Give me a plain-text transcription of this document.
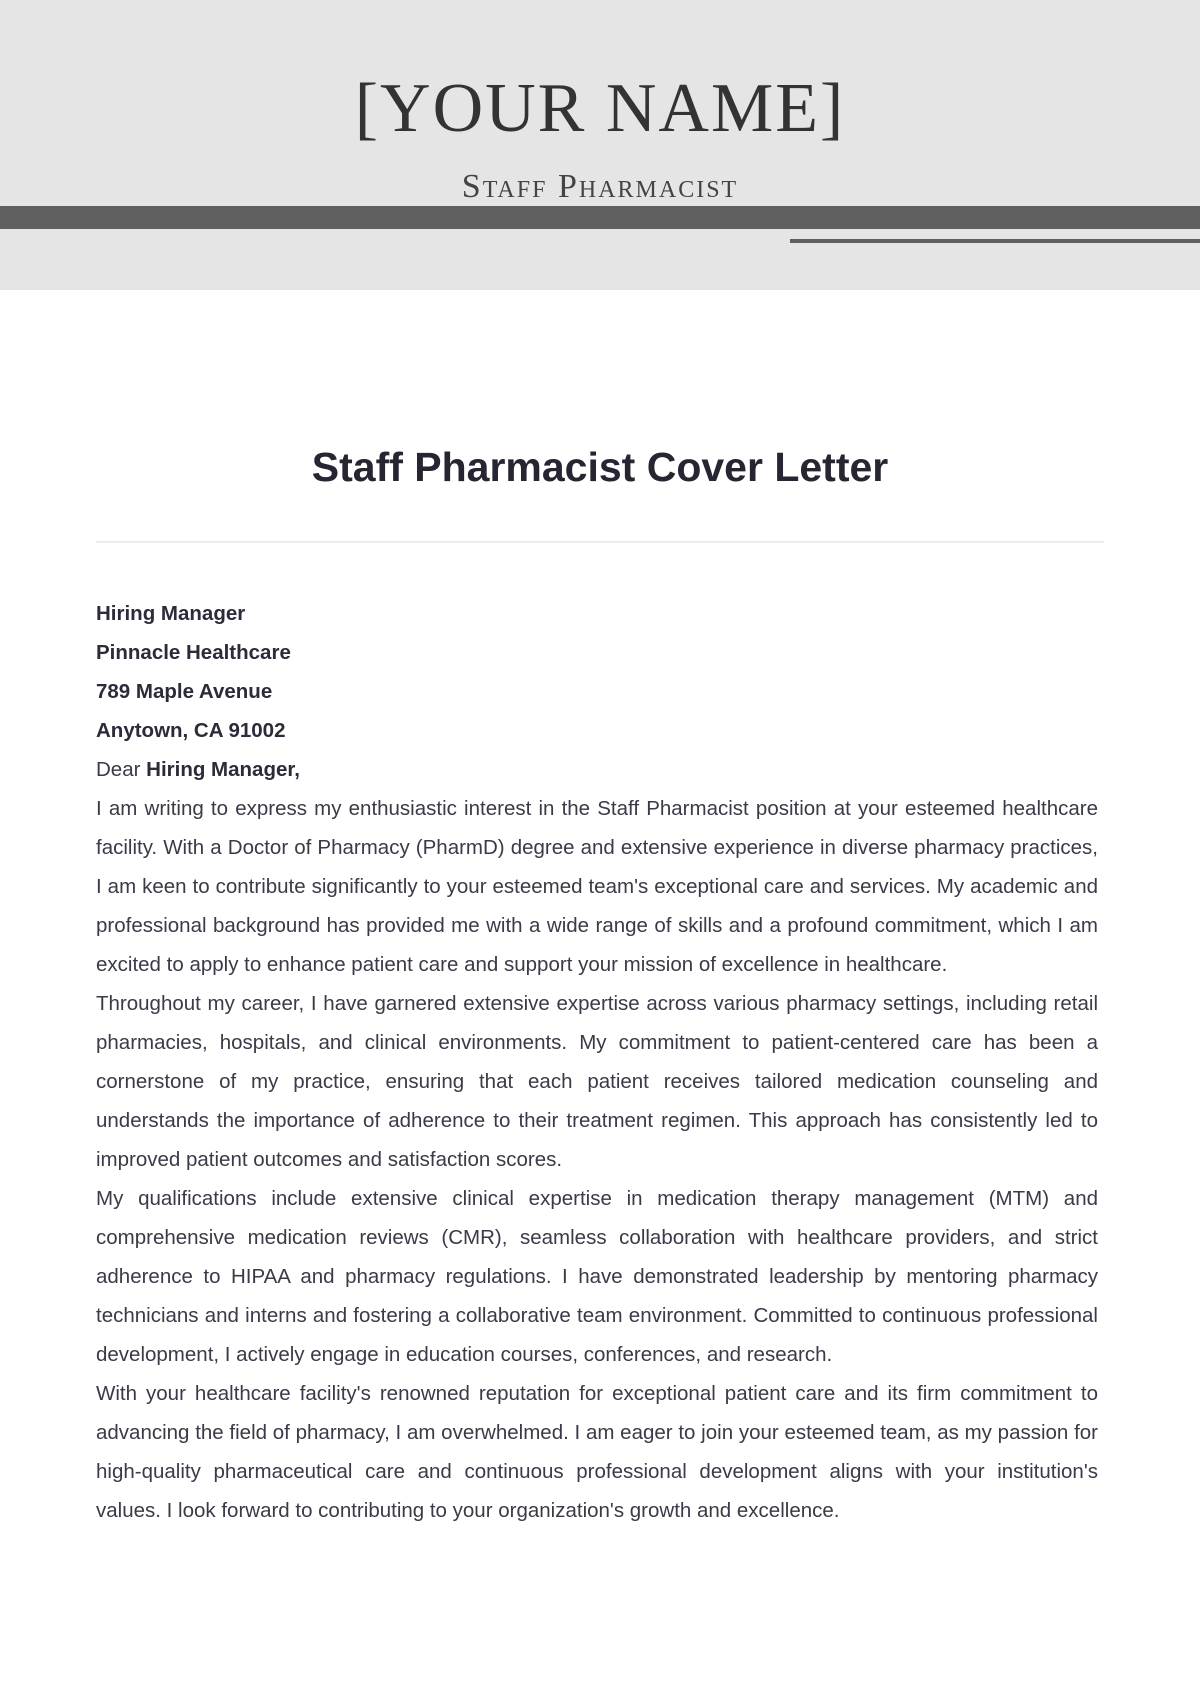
[YOUR NAME]
Staff Pharmacist
Staff Pharmacist Cover Letter

Hiring Manager

Pinnacle Healthcare

789 Maple Avenue

Anytown, CA 91002

Dear Hiring Manager,

I am writing to express my enthusiastic interest in the Staff Pharmacist position at your esteemed healthcare facility. With a Doctor of Pharmacy (PharmD) degree and extensive experience in diverse pharmacy practices, I am keen to contribute significantly to your esteemed team's exceptional care and services. My academic and professional background has provided me with a wide range of skills and a profound commitment, which I am excited to apply to enhance patient care and support your mission of excellence in healthcare.

Throughout my career, I have garnered extensive expertise across various pharmacy settings, including retail pharmacies, hospitals, and clinical environments. My commitment to patient-centered care has been a cornerstone of my practice, ensuring that each patient receives tailored medication counseling and understands the importance of adherence to their treatment regimen. This approach has consistently led to improved patient outcomes and satisfaction scores.

My qualifications include extensive clinical expertise in medication therapy management (MTM) and comprehensive medication reviews (CMR), seamless collaboration with healthcare providers, and strict adherence to HIPAA and pharmacy regulations. I have demonstrated leadership by mentoring pharmacy technicians and interns and fostering a collaborative team environment. Committed to continuous professional development, I actively engage in education courses, conferences, and research.

With your healthcare facility's renowned reputation for exceptional patient care and its firm commitment to advancing the field of pharmacy, I am overwhelmed. I am eager to join your esteemed team, as my passion for high-quality pharmaceutical care and continuous professional development aligns with your institution's values. I look forward to contributing to your organization's growth and excellence.
